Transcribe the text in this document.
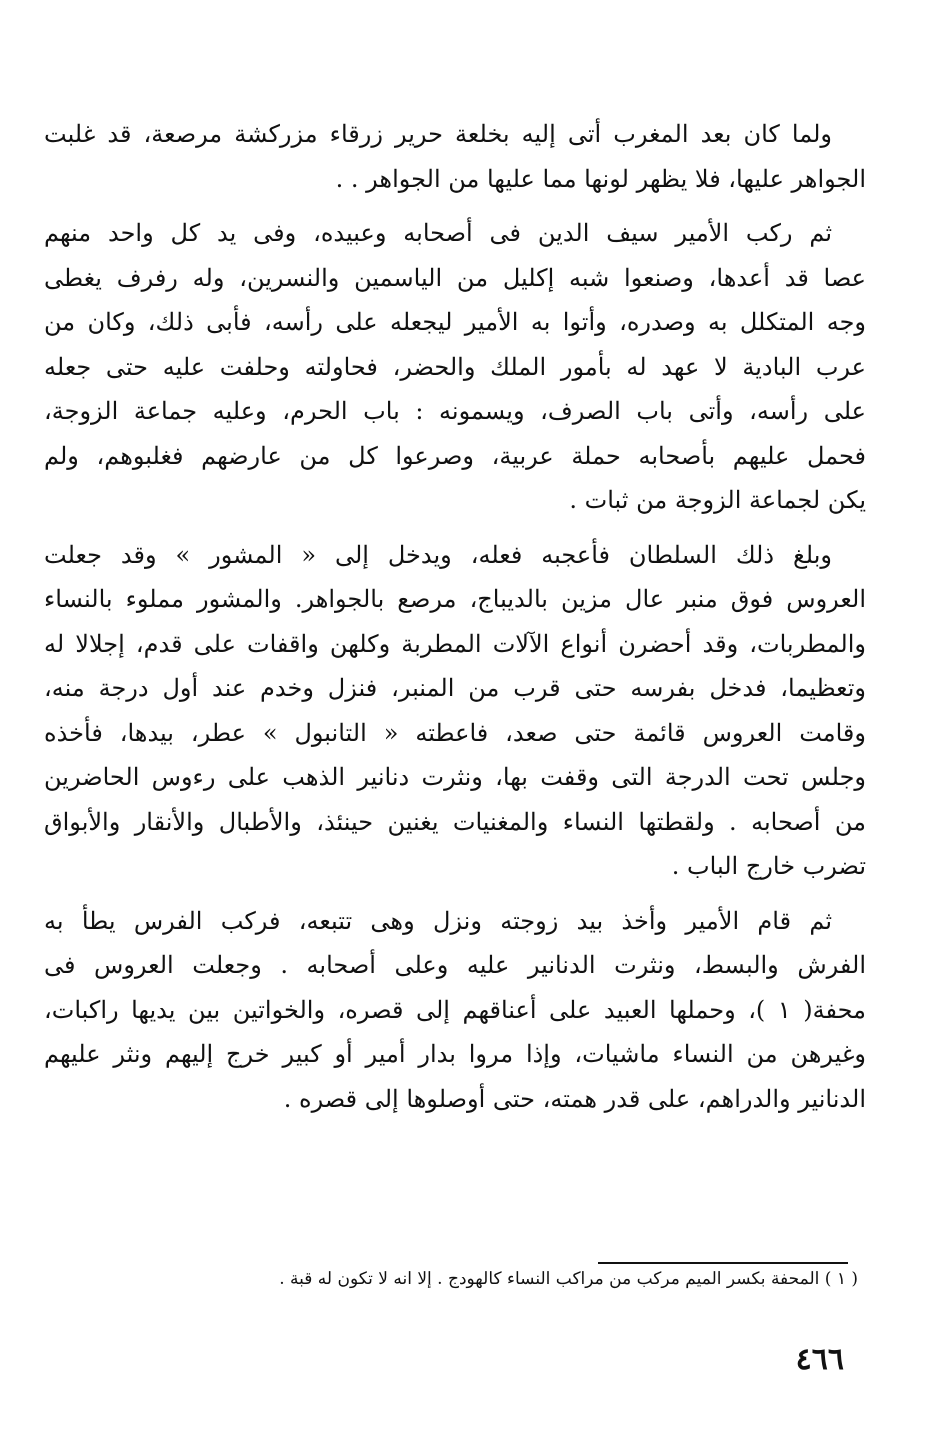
ولما كان بعد المغرب أتى إليه بخلعة حرير زرقاء مزركشة مرصعة، قد غلبت
الجواهر عليها، فلا يظهر لونها مما عليها من الجواهر . .
ثم ركب الأمير سيف الدين فى أصحابه وعبيده، وفى يد كل واحد منهم
عصا قد أعدها، وصنعوا شبه إكليل من الياسمين والنسرين، وله رفرف يغطى
وجه المتكلل به وصدره، وأتوا به الأمير ليجعله على رأسه، فأبى ذلك، وكان من
عرب البادية لا عهد له بأمور الملك والحضر، فحاولته وحلفت عليه حتى جعله
على رأسه، وأتى باب الصرف، ويسمونه : باب الحرم، وعليه جماعة الزوجة،
فحمل عليهم بأصحابه حملة عربية، وصرعوا كل من عارضهم فغلبوهم، ولم
يكن لجماعة الزوجة من ثبات .
وبلغ ذلك السلطان فأعجبه فعله، ويدخل إلى « المشور » وقد جعلت
العروس فوق منبر عال مزين بالديباج، مرصع بالجواهر. والمشور مملوء بالنساء
والمطربات، وقد أحضرن أنواع الآلات المطربة وكلهن واقفات على قدم، إجلالا له
وتعظيما، فدخل بفرسه حتى قرب من المنبر، فنزل وخدم عند أول درجة منه،
وقامت العروس قائمة حتى صعد، فاعطته « التانبول » عطر، بيدها، فأخذه
وجلس تحت الدرجة التى وقفت بها، ونثرت دنانير الذهب على رءوس الحاضرين
من أصحابه . ولقطتها النساء والمغنيات يغنين حينئذ، والأطبال والأنقار والأبواق
تضرب خارج الباب .
ثم قام الأمير وأخذ بيد زوجته ونزل وهى تتبعه، فركب الفرس يطأ به
الفرش والبسط، ونثرت الدنانير عليه وعلى أصحابه . وجعلت العروس فى
محفة( ١ )، وحملها العبيد على أعناقهم إلى قصره، والخواتين بين يديها راكبات،
وغيرهن من النساء ماشيات، وإذا مروا بدار أمير أو كبير خرج إليهم ونثر عليهم
الدنانير والدراهم، على قدر همته، حتى أوصلوها إلى قصره .
( ١ ) المحفة بكسر الميم مركب من مراكب النساء كالهودج . إلا انه لا تكون له قبة .
٤٦٦
